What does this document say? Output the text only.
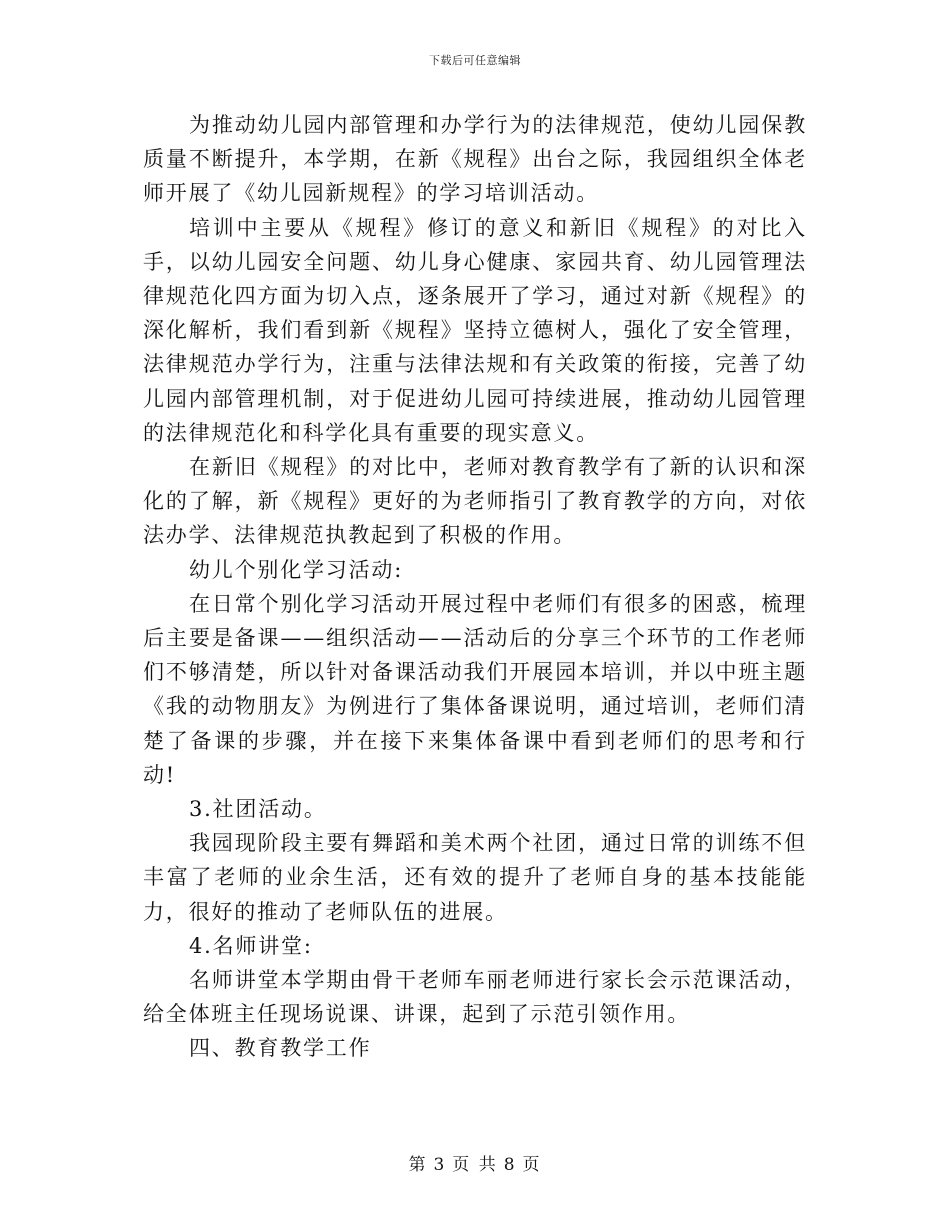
下载后可任意编辑

为推动幼儿园内部管理和办学行为的法律规范，使幼儿园保教质量不断提升，本学期，在新《规程》出台之际，我园组织全体老师开展了《幼儿园新规程》的学习培训活动。

培训中主要从《规程》修订的意义和新旧《规程》的对比入手，以幼儿园安全问题、幼儿身心健康、家园共育、幼儿园管理法律规范化四方面为切入点，逐条展开了学习，通过对新《规程》的深化解析，我们看到新《规程》坚持立德树人，强化了安全管理，法律规范办学行为，注重与法律法规和有关政策的衔接，完善了幼儿园内部管理机制，对于促进幼儿园可持续进展，推动幼儿园管理的法律规范化和科学化具有重要的现实意义。

在新旧《规程》的对比中，老师对教育教学有了新的认识和深化的了解，新《规程》更好的为老师指引了教育教学的方向，对依法办学、法律规范执教起到了积极的作用。

幼儿个别化学习活动:

在日常个别化学习活动开展过程中老师们有很多的困惑，梳理后主要是备课——组织活动——活动后的分享三个环节的工作老师们不够清楚，所以针对备课活动我们开展园本培训，并以中班主题《我的动物朋友》为例进行了集体备课说明，通过培训，老师们清楚了备课的步骤，并在接下来集体备课中看到老师们的思考和行动!

3.社团活动。

我园现阶段主要有舞蹈和美术两个社团，通过日常的训练不但丰富了老师的业余生活，还有效的提升了老师自身的基本技能能力，很好的推动了老师队伍的进展。

4.名师讲堂:

名师讲堂本学期由骨干老师车丽老师进行家长会示范课活动，给全体班主任现场说课、讲课，起到了示范引领作用。

四、教育教学工作

第 3 页 共 8 页
